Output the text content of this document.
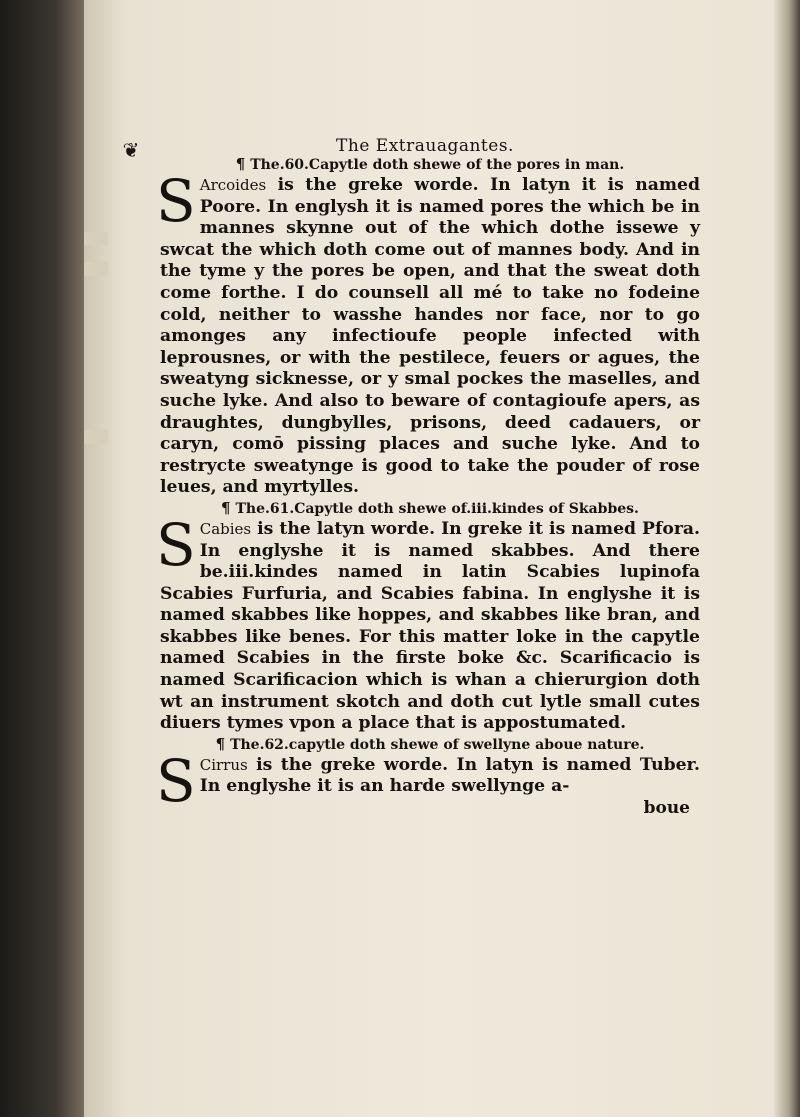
❦	The Extrauagantes.
¶ The.60.Capytle doth shewe of the pores in man.

S Arcoides is the greke worde. In latyn it is named Poore. In englysh it is named pores the which be in mannes skynne out of the which dothe issewe y swcat the which doth come out of mannes body. And in the tyme y the pores be open, and that the sweat doth come forthe. I do counsell all mé to take no fodeine cold, neither to wasshe handes nor face, nor to go amonges any infectioufe people infected with leprousnes, or with the pestilece, feuers or agues, the sweatyng sicknesse, or y smal pockes the maselles, and suche lyke. And also to beware of contagioufe apers, as draughtes, dungbylles, prisons, deed cadauers, or caryn, comō pissing places and suche lyke. And to restrycte sweatynge is good to take the pouder of rose leues, and myrtylles.

¶ The.61.Capytle doth shewe of.iii.kindes of Skabbes.

S Cabies is the latyn worde. In greke it is named Pfora. In englyshe it is named skabbes. And there be.iii.kindes named in latin Scabies lupinofa Scabies Furfuria, and Scabies fabina. In englyshe it is named skabbes like hoppes, and skabbes like bran, and skabbes like benes. For this matter loke in the capytle named Scabies in the firste boke &c. Scarificacio is named Scarificacion which is whan a chierurgion doth wt an instrument skotch and doth cut lytle small cutes diuers tymes vpon a place that is appostumated.

¶ The.62.capytle doth shewe of swellyne aboue nature.

S Cirrus is the greke worde. In latyn is named Tuber. In englyshe it is an harde swellynge a-

boue
